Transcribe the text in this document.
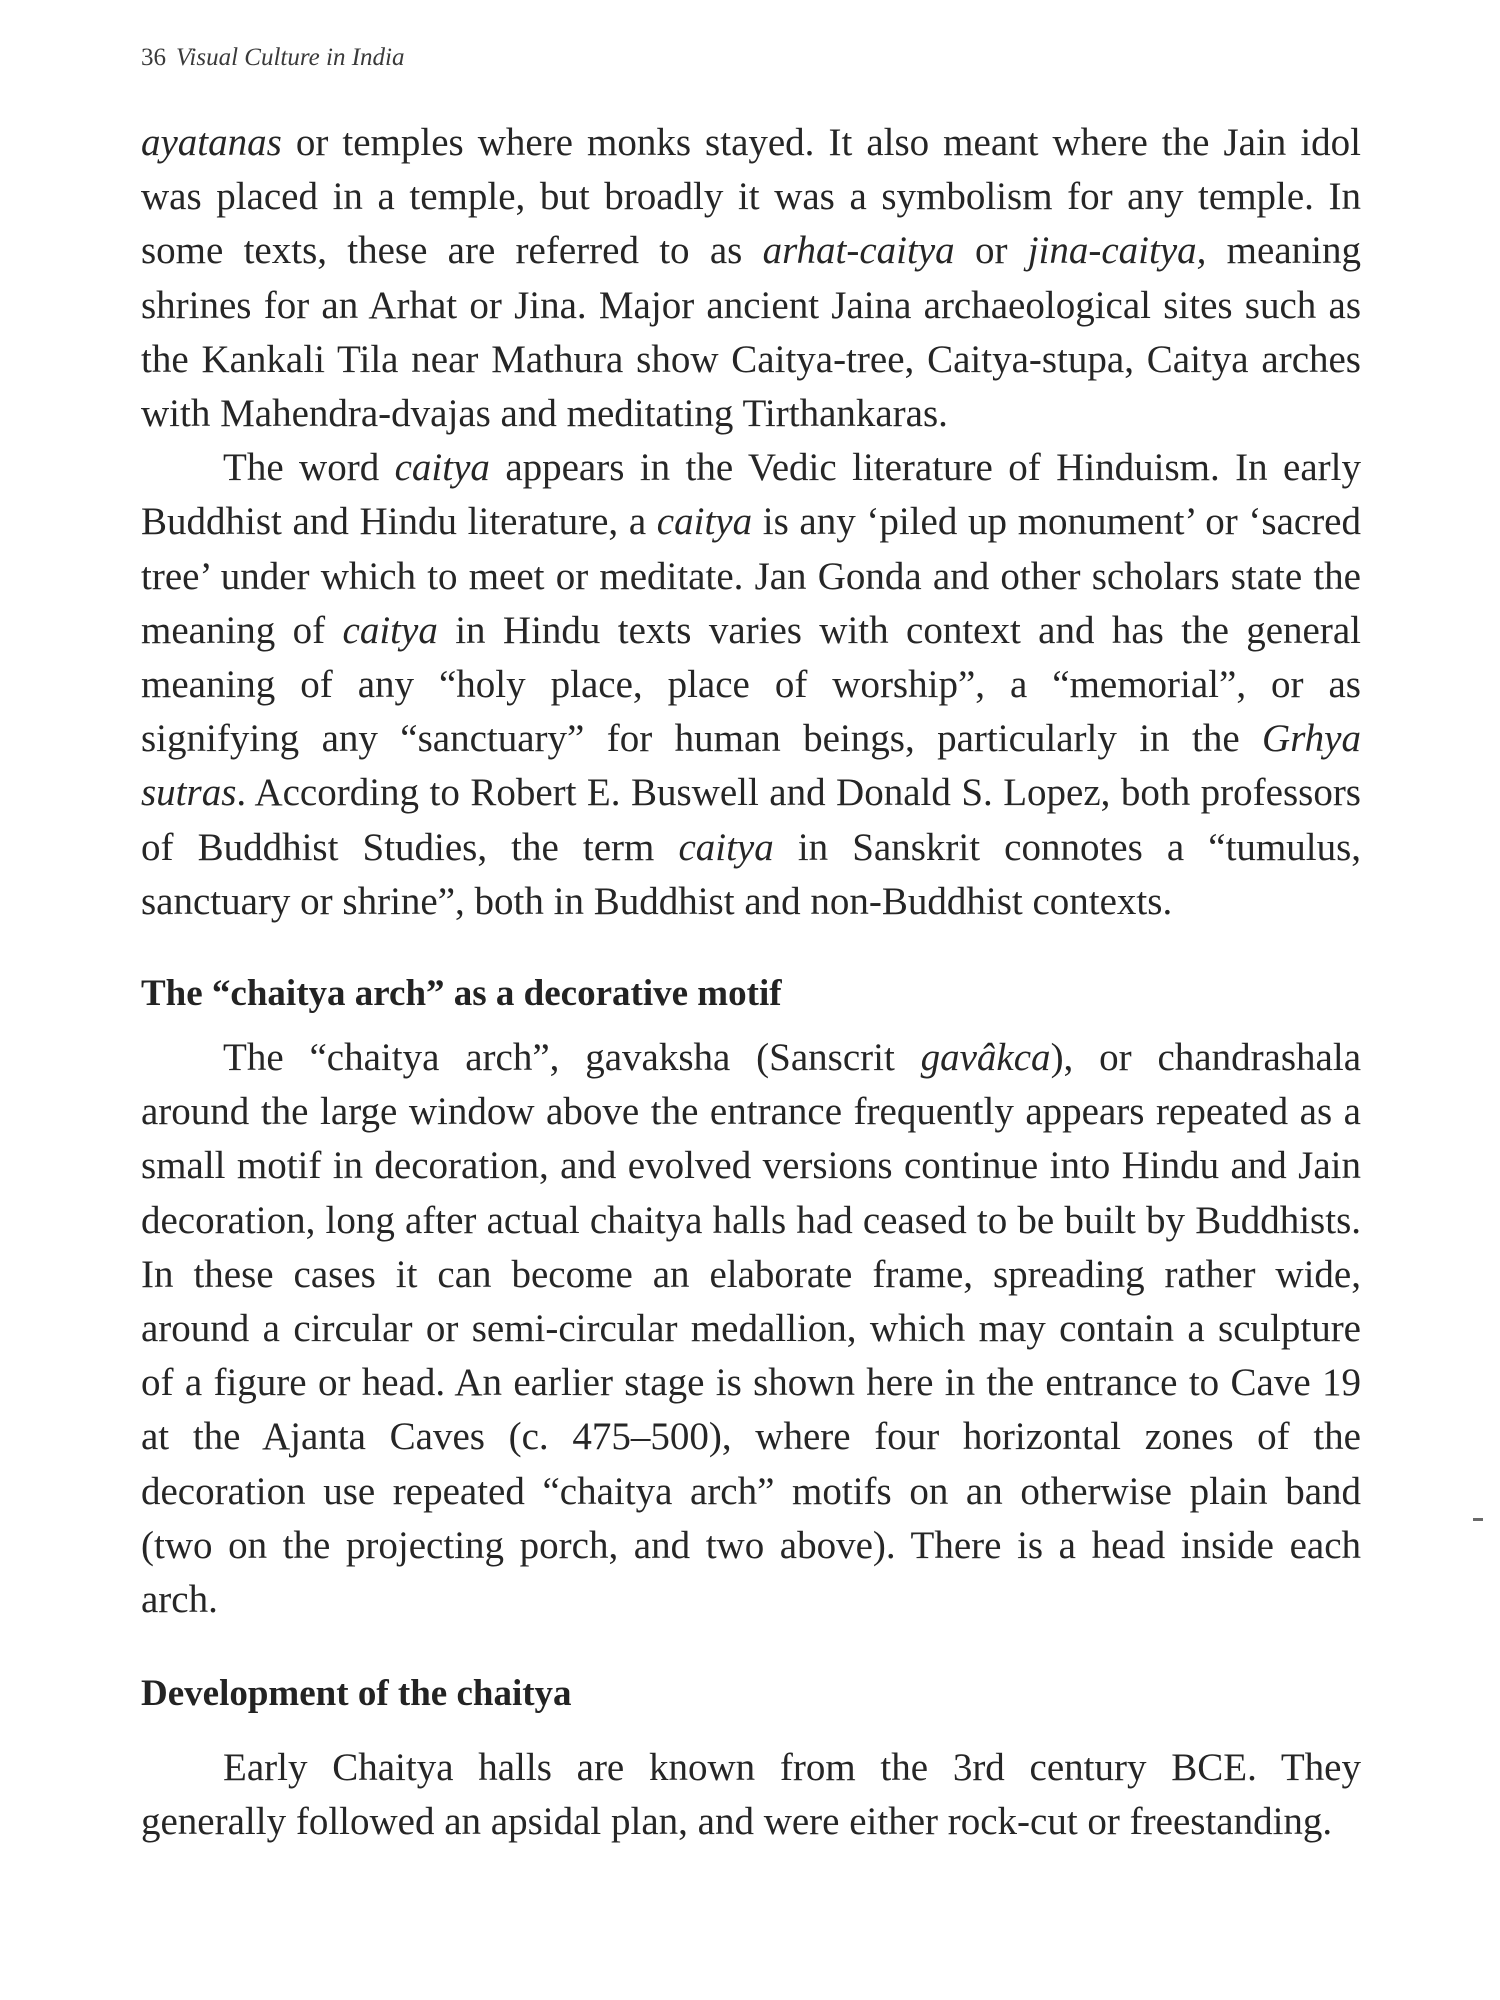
36 Visual Culture in India

ayatanas or temples where monks stayed. It also meant where the Jain idol was placed in a temple, but broadly it was a symbolism for any temple. In some texts, these are referred to as arhat-caitya or jina-caitya, meaning shrines for an Arhat or Jina. Major ancient Jaina archaeological sites such as the Kankali Tila near Mathura show Caitya-tree, Caitya-stupa, Caitya arches with Mahendra-dvajas and meditating Tirthankaras.

The word caitya appears in the Vedic literature of Hinduism. In early Buddhist and Hindu literature, a caitya is any ‘piled up monument’ or ‘sacred tree’ under which to meet or meditate. Jan Gonda and other scholars state the meaning of caitya in Hindu texts varies with context and has the general meaning of any “holy place, place of worship”, a “memorial”, or as signifying any “sanctuary” for human beings, particularly in the Grhya sutras. According to Robert E. Buswell and Donald S. Lopez, both professors of Buddhist Studies, the term caitya in Sanskrit connotes a “tumulus, sanctuary or shrine”, both in Buddhist and non-Buddhist contexts.

The “chaitya arch” as a decorative motif

The “chaitya arch”, gavaksha (Sanscrit gavâkca), or chandrashala around the large window above the entrance frequently appears repeated as a small motif in decoration, and evolved versions continue into Hindu and Jain decoration, long after actual chaitya halls had ceased to be built by Buddhists. In these cases it can become an elaborate frame, spreading rather wide, around a circular or semi-circular medallion, which may contain a sculpture of a figure or head. An earlier stage is shown here in the entrance to Cave 19 at the Ajanta Caves (c. 475–500), where four horizontal zones of the decoration use repeated “chaitya arch” motifs on an otherwise plain band (two on the projecting porch, and two above). There is a head inside each arch.

Development of the chaitya

Early Chaitya halls are known from the 3rd century BCE. They generally followed an apsidal plan, and were either rock-cut or freestanding.
